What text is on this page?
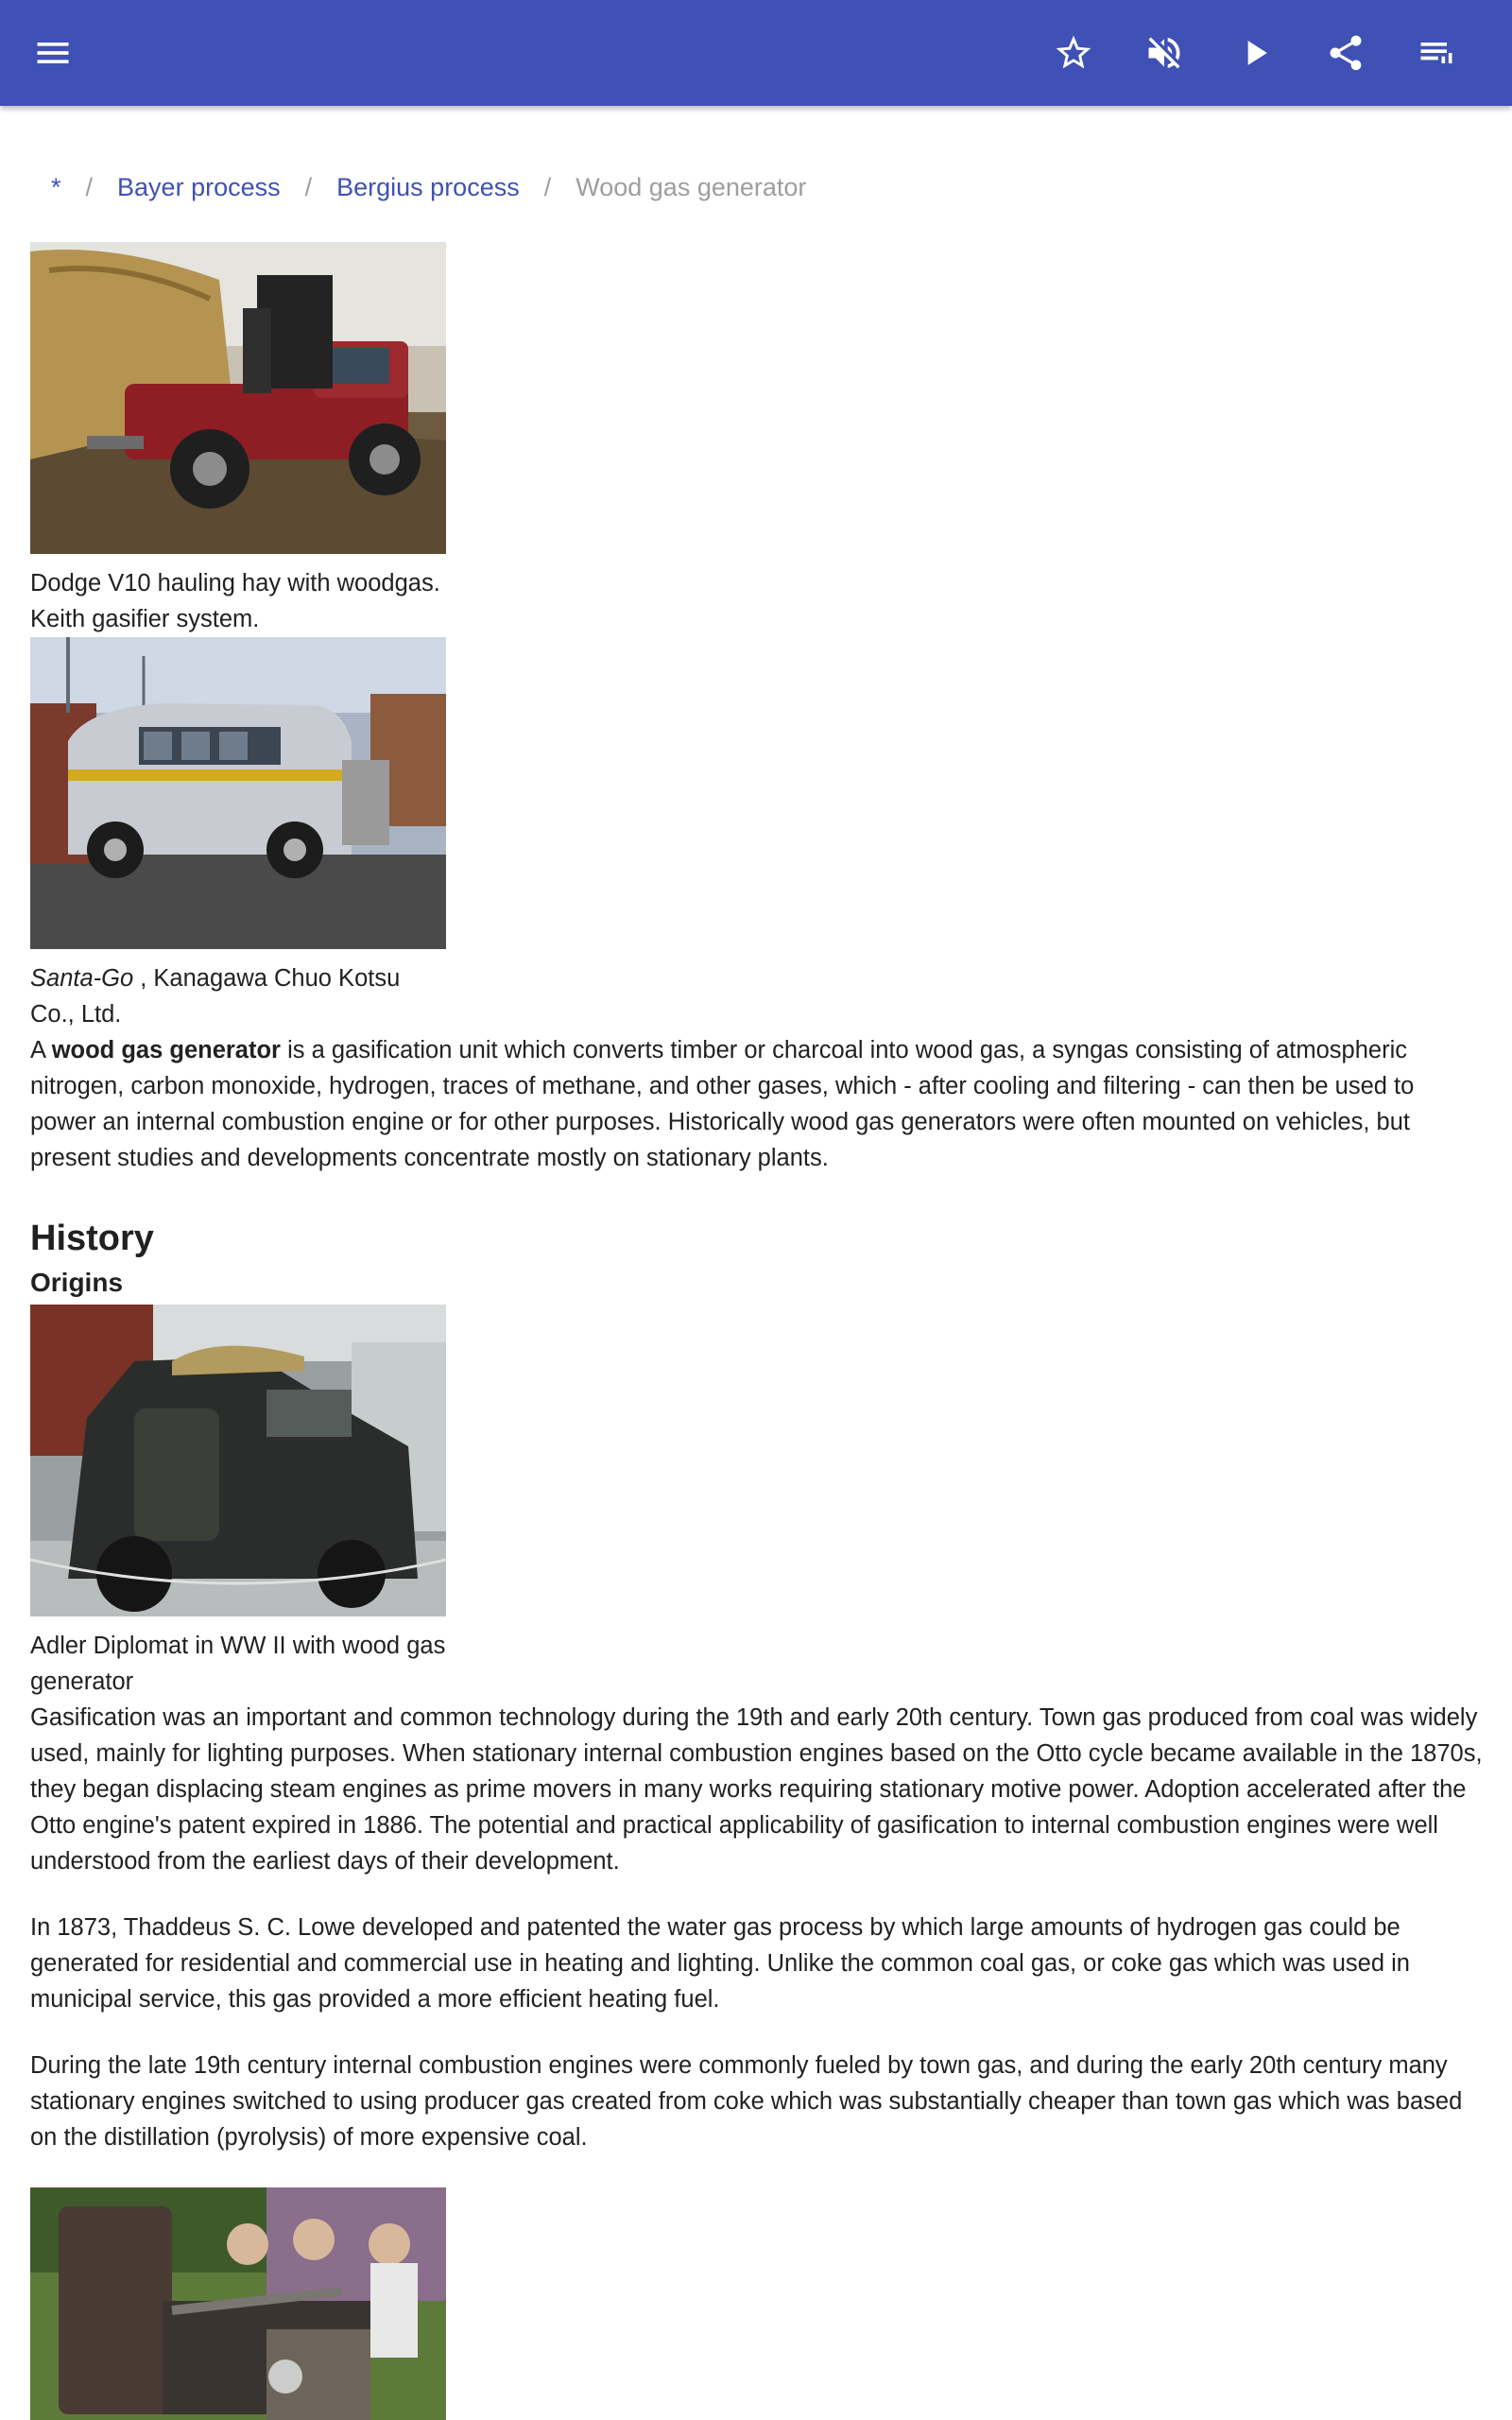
* / Bayer process / Bergius process / Wood gas generator
Dodge V10 hauling hay with woodgas. Keith gasifier system.
Santa-Go , Kanagawa Chuo Kotsu Co., Ltd.

A wood gas generator is a gasification unit which converts timber or charcoal into wood gas, a syngas consisting of atmospheric nitrogen, carbon monoxide, hydrogen, traces of methane, and other gases, which - after cooling and filtering - can then be used to power an internal combustion engine or for other purposes. Historically wood gas generators were often mounted on vehicles, but present studies and developments concentrate mostly on stationary plants.

History
Origins
Adler Diplomat in WW II with wood gas generator

Gasification was an important and common technology during the 19th and early 20th century. Town gas produced from coal was widely used, mainly for lighting purposes. When stationary internal combustion engines based on the Otto cycle became available in the 1870s, they began displacing steam engines as prime movers in many works requiring stationary motive power. Adoption accelerated after the Otto engine's patent expired in 1886. The potential and practical applicability of gasification to internal combustion engines were well understood from the earliest days of their development.

In 1873, Thaddeus S. C. Lowe developed and patented the water gas process by which large amounts of hydrogen gas could be generated for residential and commercial use in heating and lighting. Unlike the common coal gas, or coke gas which was used in municipal service, this gas provided a more efficient heating fuel.

During the late 19th century internal combustion engines were commonly fueled by town gas, and during the early 20th century many stationary engines switched to using producer gas created from coke which was substantially cheaper than town gas which was based on the distillation (pyrolysis) of more expensive coal.
